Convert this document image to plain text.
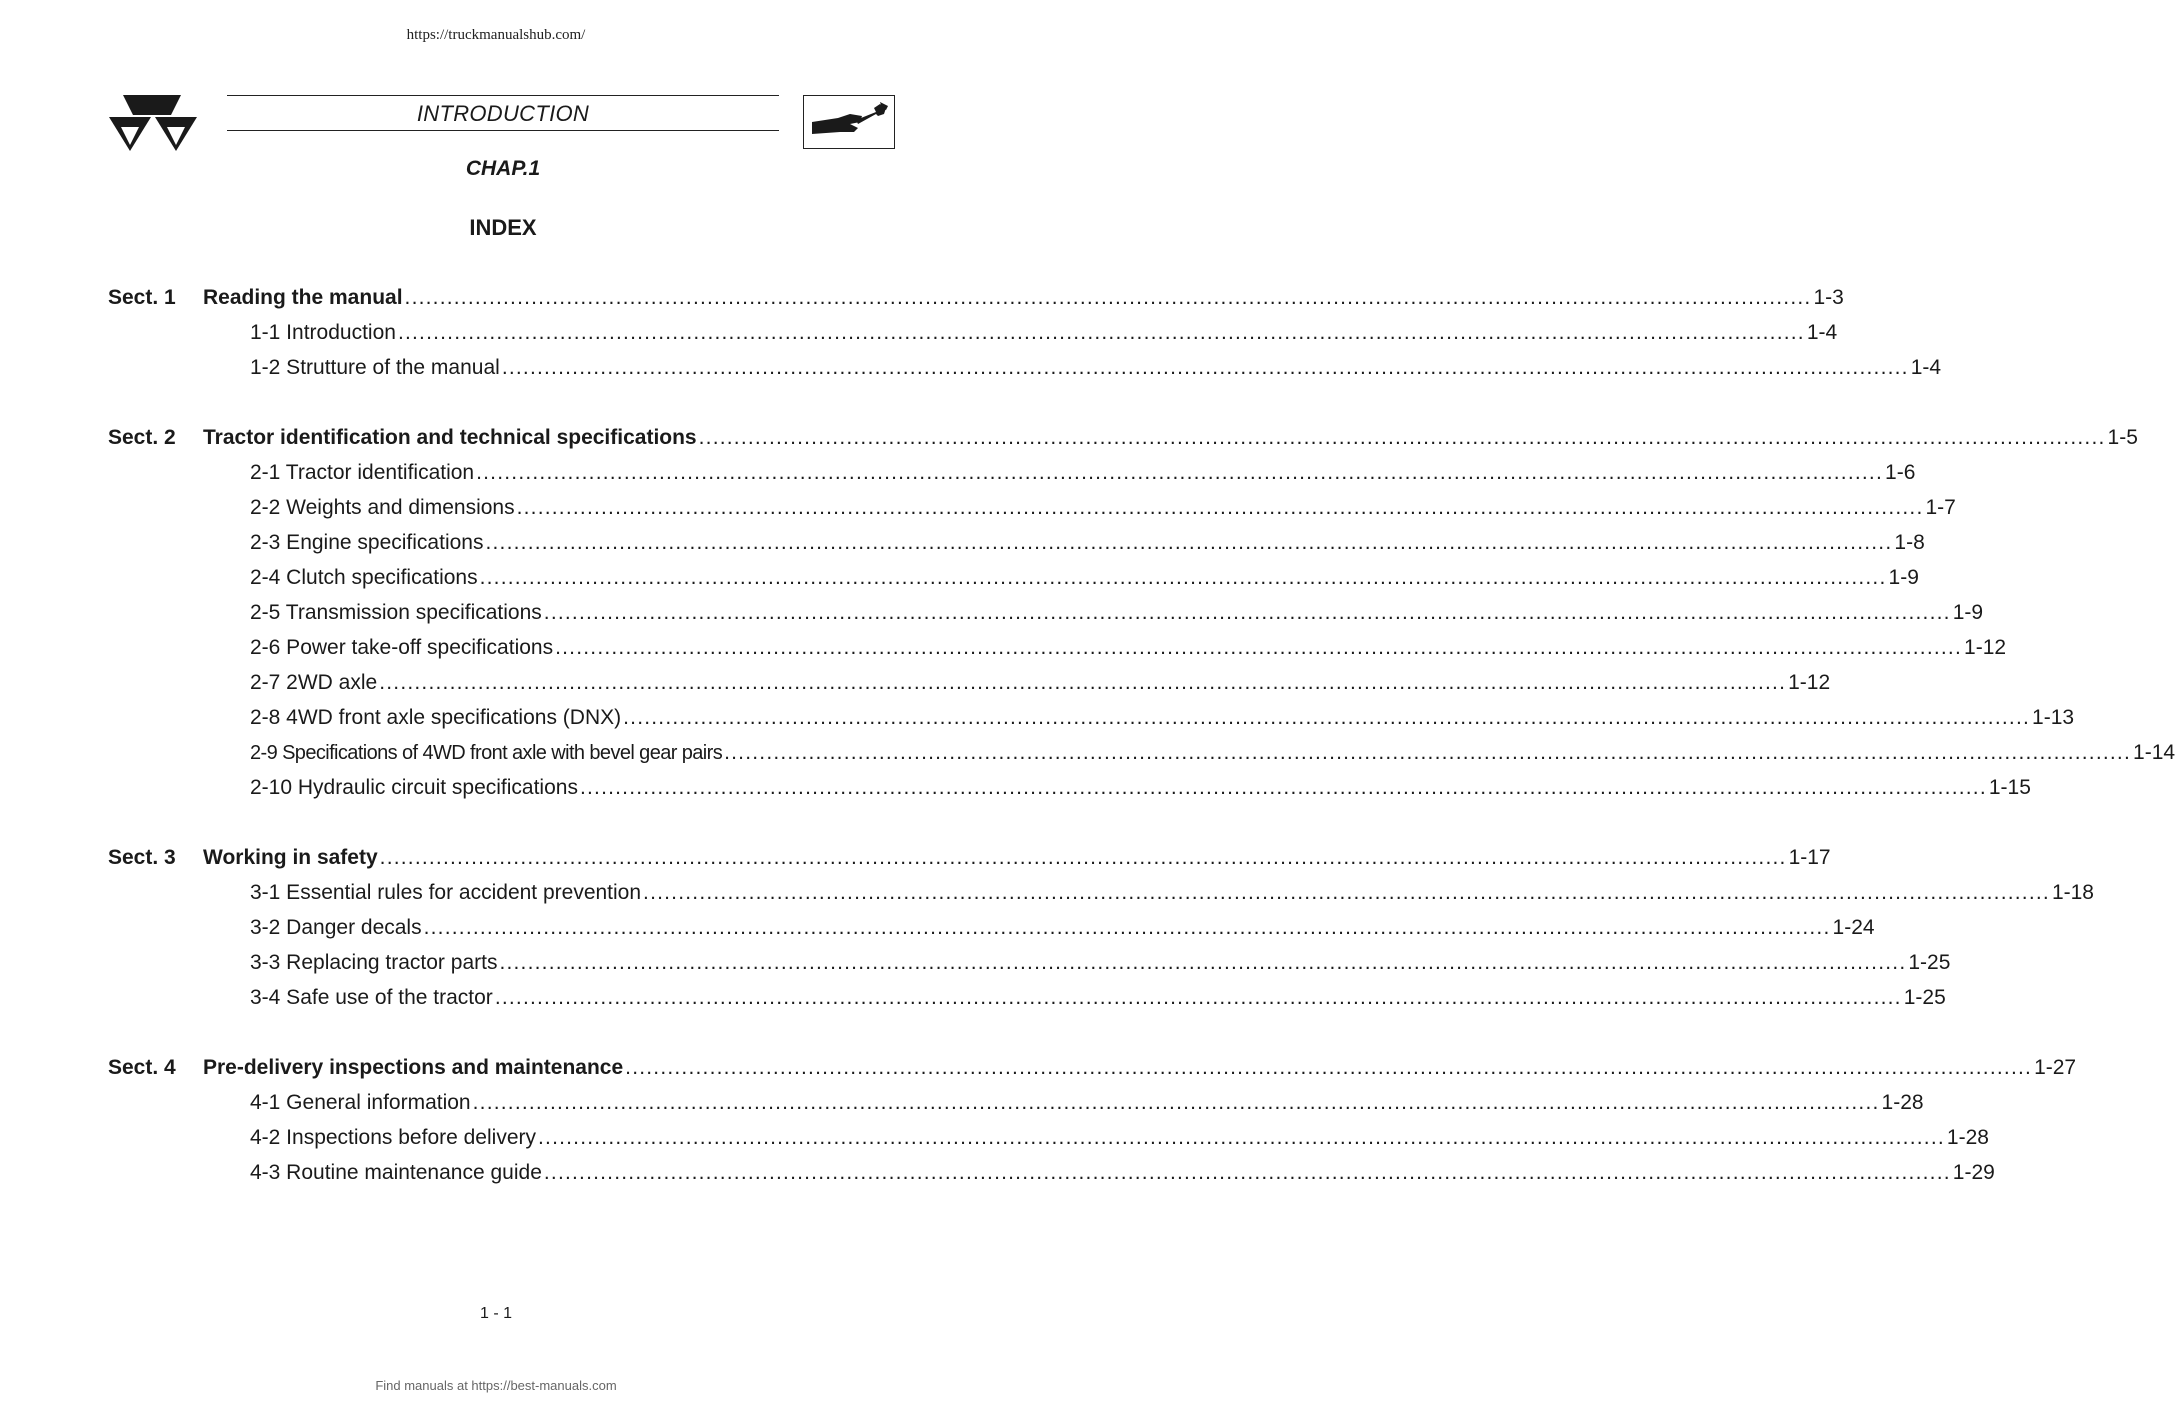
https://truckmanualshub.com/
INTRODUCTION
CHAP.1
INDEX
Sect. 1 Reading the manual ........................................................................................................................................................................................................ 1-3
1-1 Introduction ........................................................................................................................................................................................................ 1-4
1-2 Strutture of the manual ........................................................................................................................................................................................................ 1-4
Sect. 2 Tractor identification and technical specifications ........................................................................................................................................................................................................ 1-5
2-1 Tractor identification ........................................................................................................................................................................................................ 1-6
2-2 Weights and dimensions ........................................................................................................................................................................................................ 1-7
2-3 Engine specifications ........................................................................................................................................................................................................ 1-8
2-4 Clutch specifications ........................................................................................................................................................................................................ 1-9
2-5 Transmission specifications ........................................................................................................................................................................................................ 1-9
2-6 Power take-off specifications ........................................................................................................................................................................................................ 1-12
2-7 2WD axle ........................................................................................................................................................................................................ 1-12
2-8 4WD front axle specifications (DNX) ........................................................................................................................................................................................................ 1-13
2-9 Specifications of 4WD front axle with bevel gear pairs ........................................................................................................................................................................................................ 1-14
2-10 Hydraulic circuit specifications ........................................................................................................................................................................................................ 1-15
Sect. 3 Working in safety ........................................................................................................................................................................................................ 1-17
3-1 Essential rules for accident prevention ........................................................................................................................................................................................................ 1-18
3-2 Danger decals ........................................................................................................................................................................................................ 1-24
3-3 Replacing tractor parts ........................................................................................................................................................................................................ 1-25
3-4 Safe use of the tractor ........................................................................................................................................................................................................ 1-25
Sect. 4 Pre-delivery inspections and maintenance ........................................................................................................................................................................................................ 1-27
4-1 General information ........................................................................................................................................................................................................ 1-28
4-2 Inspections before delivery ........................................................................................................................................................................................................ 1-28
4-3 Routine maintenance guide ........................................................................................................................................................................................................ 1-29
1 - 1
Find manuals at https://best-manuals.com
